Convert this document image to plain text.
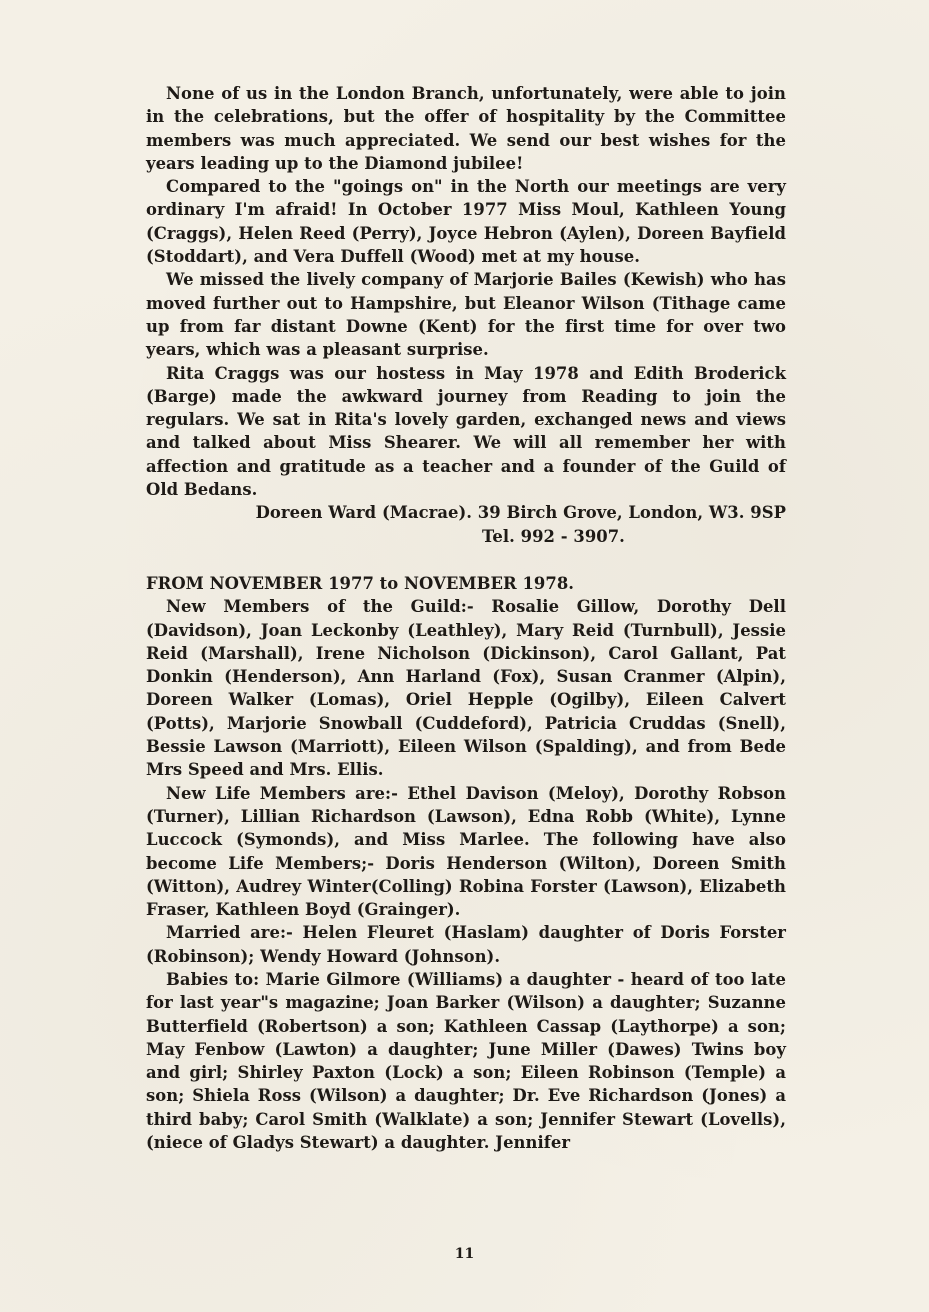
None of us in the London Branch, unfortunately, were able to join in the celebrations, but the offer of hospitality by the Committee members was much appreciated. We send our best wishes for the years leading up to the Diamond jubilee!

Compared to the "goings on" in the North our meetings are very ordinary I'm afraid! In October 1977 Miss Moul, Kathleen Young (Craggs), Helen Reed (Perry), Joyce Hebron (Aylen), Doreen Bayfield (Stoddart), and Vera Duffell (Wood) met at my house.

We missed the lively company of Marjorie Bailes (Kewish) who has moved further out to Hampshire, but Eleanor Wilson (Tithage came up from far distant Downe (Kent) for the first time for over two years, which was a pleasant surprise.

Rita Craggs was our hostess in May 1978 and Edith Broderick (Barge) made the awkward journey from Reading to join the regulars. We sat in Rita's lovely garden, exchanged news and views and talked about Miss Shearer. We will all remember her with affection and gratitude as a teacher and a founder of the Guild of Old Bedans.

Doreen Ward (Macrae). 39 Birch Grove, London, W3. 9SP

Tel. 992 - 3907.

FROM NOVEMBER 1977 to NOVEMBER 1978.

New Members of the Guild:- Rosalie Gillow, Dorothy Dell (Davidson), Joan Leckonby (Leathley), Mary Reid (Turnbull), Jessie Reid (Marshall), Irene Nicholson (Dickinson), Carol Gallant, Pat Donkin (Henderson), Ann Harland (Fox), Susan Cranmer (Alpin), Doreen Walker (Lomas), Oriel Hepple (Ogilby), Eileen Calvert (Potts), Marjorie Snowball (Cuddeford), Patricia Cruddas (Snell), Bessie Lawson (Marriott), Eileen Wilson (Spalding), and from Bede Mrs Speed and Mrs. Ellis.

New Life Members are:- Ethel Davison (Meloy), Dorothy Robson (Turner), Lillian Richardson (Lawson), Edna Robb (White), Lynne Luccock (Symonds), and Miss Marlee. The following have also become Life Members;- Doris Henderson (Wilton), Doreen Smith (Witton), Audrey Winter(Colling) Robina Forster (Lawson), Elizabeth Fraser, Kathleen Boyd (Grainger).

Married are:- Helen Fleuret (Haslam) daughter of Doris Forster (Robinson); Wendy Howard (Johnson).

Babies to: Marie Gilmore (Williams) a daughter - heard of too late for last year"s magazine; Joan Barker (Wilson) a daughter; Suzanne Butterfield (Robertson) a son; Kathleen Cassap (Laythorpe) a son; May Fenbow (Lawton) a daughter; June Miller (Dawes) Twins boy and girl; Shirley Paxton (Lock) a son; Eileen Robinson (Temple) a son; Shiela Ross (Wilson) a daughter; Dr. Eve Richardson (Jones) a third baby; Carol Smith (Walklate) a son; Jennifer Stewart (Lovells), (niece of Gladys Stewart) a daughter. Jennifer

11
